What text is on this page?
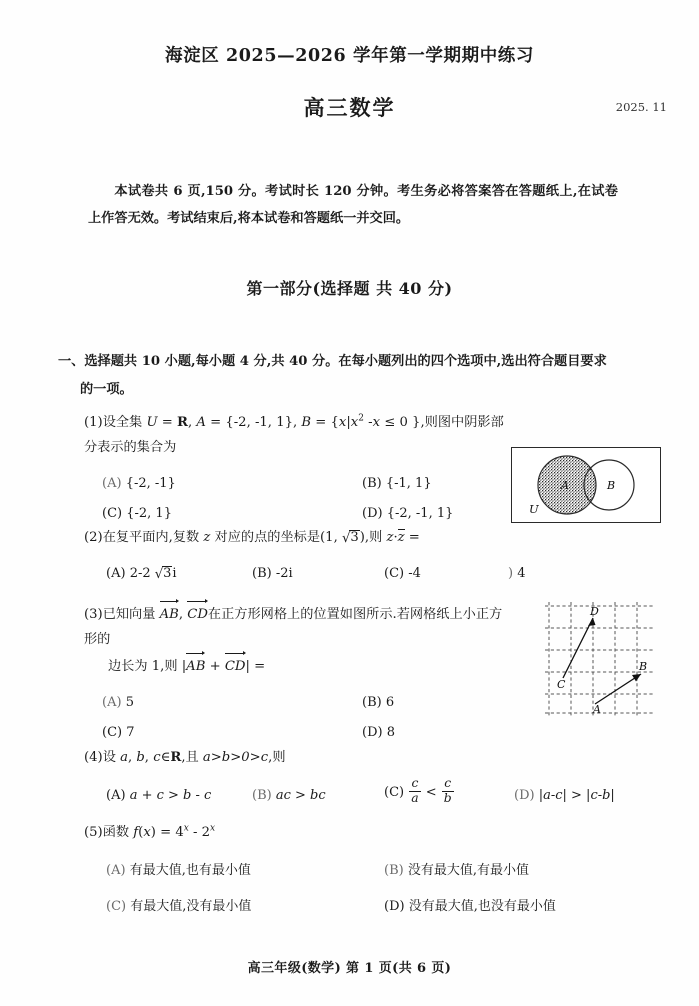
海淀区 2025—2026 学年第一学期期中练习
高三数学	2025. 11
本试卷共 6 页,150 分。考试时长 120 分钟。考生务必将答案答在答题纸上,在试卷上作答无效。考试结束后,将本试卷和答题纸一并交回。
第一部分(选择题 共 40 分)
一、选择题共 10 小题,每小题 4 分,共 40 分。在每小题列出的四个选项中,选出符合题目要求
的一项。
(1)设全集 U = R, A = {-2, -1, 1}, $B = \{x|x^2$ -x ≤ 0 },则图中阴影部分表示的集合为
(A) {-2, -1}	(B) {-1, 1}
(C) {-2, 1}	(D) {-2, -1, 1}
A	B
U
(2)在复平面内,复数 z 对应的点的坐标是(1, √3),则 z·z =
(A) 2-2 √3i	(B) -2i	(C) -4	) 4
(3)已知向量 AB, CD在正方形网格上的位置如图所示.若网格纸上小正方形的
边长为 1,则 |AB + CD| =
(A) 5	(B) 6
(C) 7	(D) 8
C
D
A
B
(4)设 a, b, c∈R,且 a>b>0>c,则
(A) a + c > b - c	(B) ac > bc	$(C) \frac{c}{a} < \frac{c}{b}$	(D) |a-c| > |c-b|
(5)函数 $f(x) = 4^x - 2^x$
(A) 有最大值,也有最小值	(B) 没有最大值,有最小值
(C) 有最大值,没有最小值	(D) 没有最大值,也没有最小值
高三年级(数学) 第 1 页(共 6 页)
